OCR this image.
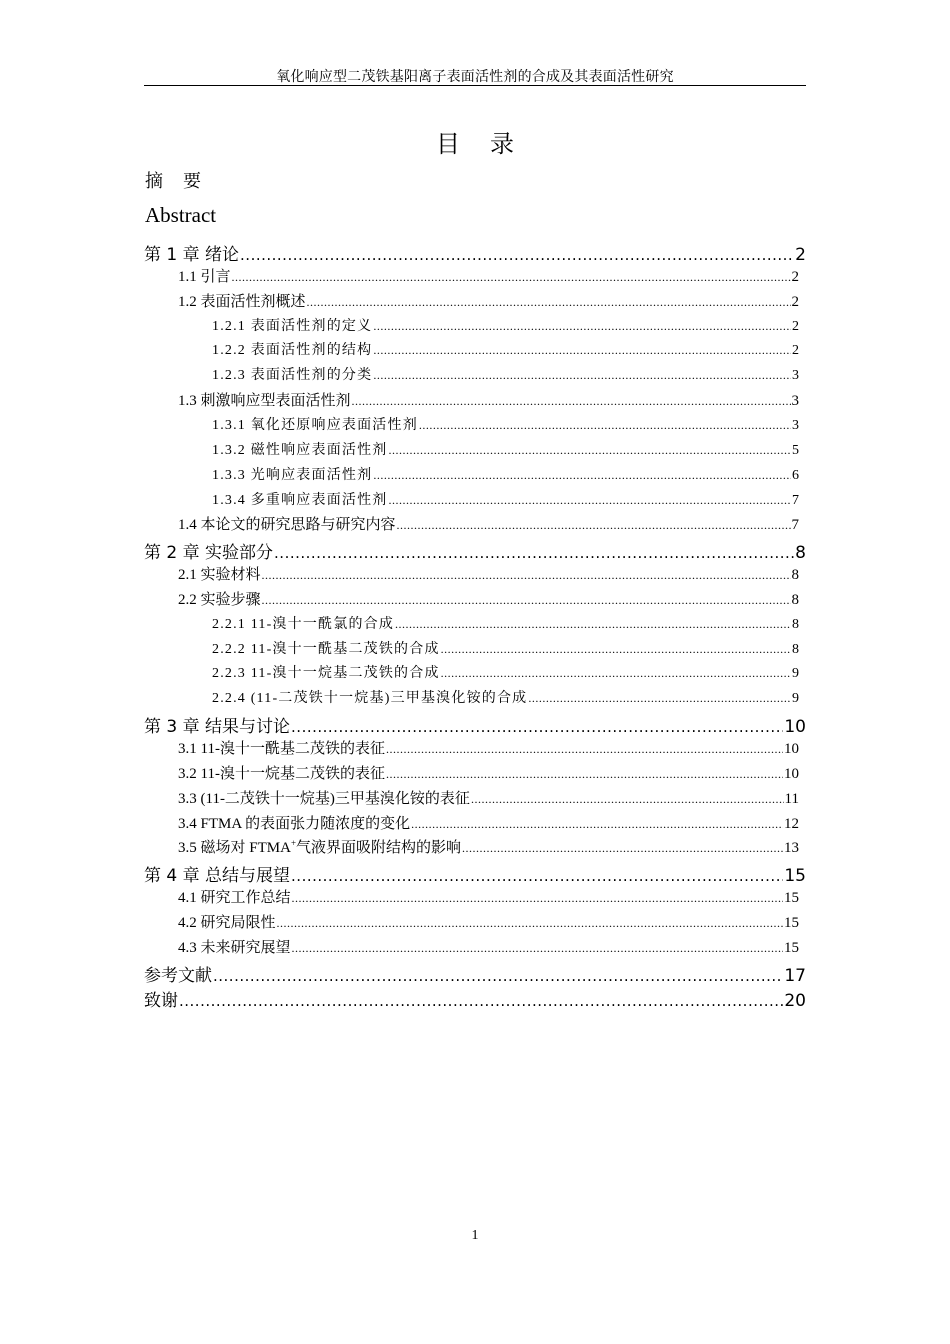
氧化响应型二茂铁基阳离子表面活性剂的合成及其表面活性研究
目录
摘要
Abstract
第 1 章 绪论 .....	2
1.1 引言 .....	2
1.2 表面活性剂概述 .....	2
1.2.1 表面活性剂的定义 .....	2
1.2.2 表面活性剂的结构 .....	2
1.2.3 表面活性剂的分类 .....	3
1.3 刺激响应型表面活性剂 .....	3
1.3.1 氧化还原响应表面活性剂 .....	3
1.3.2 磁性响应表面活性剂 .....	5
1.3.3 光响应表面活性剂 .....	6
1.3.4 多重响应表面活性剂 .....	7
1.4 本论文的研究思路与研究内容 .....	7
第 2 章 实验部分 .....	8
2.1 实验材料 .....	8
2.2 实验步骤 .....	8
2.2.1 11-溴十一酰氯的合成 .....	8
2.2.2 11-溴十一酰基二茂铁的合成 .....	8
2.2.3 11-溴十一烷基二茂铁的合成 .....	9
2.2.4 (11-二茂铁十一烷基)三甲基溴化铵的合成 .....	9
第 3 章 结果与讨论 .....	10
3.1 11-溴十一酰基二茂铁的表征 .....	10
3.2 11-溴十一烷基二茂铁的表征 .....	10
3.3 (11-二茂铁十一烷基)三甲基溴化铵的表征 .....	11
3.4 FTMA 的表面张力随浓度的变化 .....	12
3.5 磁场对 FTMA+气液界面吸附结构的影响 .....	13
第 4 章 总结与展望 .....	15
4.1 研究工作总结 .....	15
4.2 研究局限性 .....	15
4.3 未来研究展望 .....	15
参考文献 .....	17
致谢 .....	20
1
